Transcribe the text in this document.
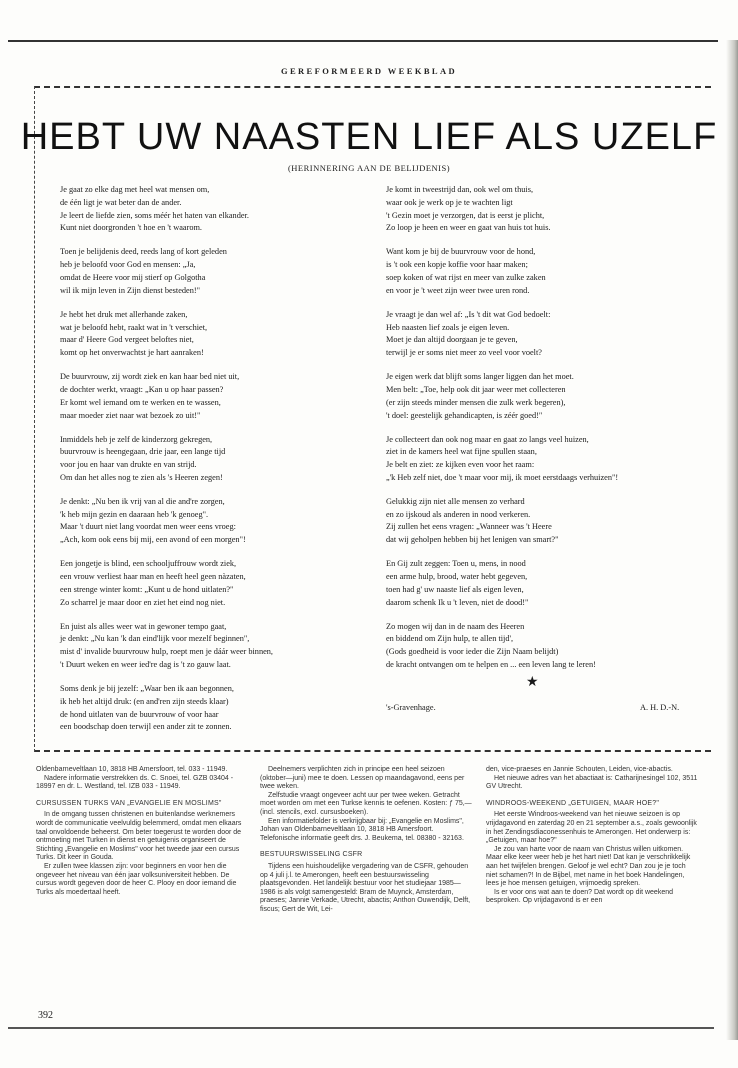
GEREFORMEERD WEEKBLAD
HEBT UW NAASTEN LIEF ALS UZELF
(HERINNERING AAN DE BELIJDENIS)
Je gaat zo elke dag met heel wat mensen om,
de één ligt je wat beter dan de ander.
Je leert de liefde zien, soms méér het haten van elkander.
Kunt niet doorgronden 't hoe en 't waarom.
Toen je belijdenis deed, reeds lang of kort geleden
heb je beloofd voor God en mensen: „Ja,
omdat de Heere voor mij stierf op Golgotha
wil ik mijn leven in Zijn dienst besteden!"
Je hebt het druk met allerhande zaken,
wat je beloofd hebt, raakt wat in 't verschiet,
maar d' Heere God vergeet beloftes niet,
komt op het onverwachtst je hart aanraken!
De buurvrouw, zij wordt ziek en kan haar bed niet uit,
de dochter werkt, vraagt: „Kan u op haar passen?
Er komt wel iemand om te werken en te wassen,
maar moeder ziet naar wat bezoek zo uit!"
Inmiddels heb je zelf de kinderzorg gekregen,
buurvrouw is heengegaan, drie jaar, een lange tijd
voor jou en haar van drukte en van strijd.
Om dan het alles nog te zien als 's Heeren zegen!
Je denkt: „Nu ben ik vrij van al die and're zorgen,
'k heb mijn gezin en daaraan heb 'k genoeg".
Maar 't duurt niet lang voordat men weer eens vroeg:
„Ach, kom ook eens bij mij, een avond of een morgen"!
Een jongetje is blind, een schooljuffrouw wordt ziek,
een vrouw verliest haar man en heeft heel geen nàzaten,
een strenge winter komt: „Kunt u de hond uitlaten?"
Zo scharrel je maar door en ziet het eind nog niet.
En juist als alles weer wat in gewoner tempo gaat,
je denkt: „Nu kan 'k dan eind'lijk voor mezelf beginnen",
mist d' invalide buurvrouw hulp, roept men je dáár weer binnen,
't Duurt weken en weer ied're dag is 't zo gauw laat.
Soms denk je bij jezelf: „Waar ben ik aan begonnen,
ik heb het altijd druk: (en and'ren zijn steeds klaar)
de hond uitlaten van de buurvrouw of voor haar
een boodschap doen terwijl een ander zit te zonnen.
Je komt in tweestrijd dan, ook wel om thuis,
waar ook je werk op je te wachten ligt
't Gezin moet je verzorgen, dat is eerst je plicht,
Zo loop je heen en weer en gaat van huis tot huis.
Want kom je bij de buurvrouw voor de hond,
is 't ook een kopje koffie voor haar maken;
soep koken of wat rijst en meer van zulke zaken
en voor je 't weet zijn weer twee uren rond.
Je vraagt je dan wel af: „Is 't dit wat God bedoelt:
Heb naasten lief zoals je eigen leven.
Moet je dan altijd doorgaan je te geven,
terwijl je er soms niet meer zo veel voor voelt?
Je eigen werk dat blijft soms langer liggen dan het moet.
Men belt: „Toe, help ook dit jaar weer met collecteren
(er zijn steeds minder mensen die zulk werk begeren),
't doel: geestelijk gehandicapten, is zéér goed!"
Je collecteert dan ook nog maar en gaat zo langs veel huizen,
ziet in de kamers heel wat fijne spullen staan,
Je belt en ziet: ze kijken even voor het raam:
„'k Heb zelf niet, doe 't maar voor mij, ik moet eerstdaags verhuizen"!
Gelukkig zijn niet alle mensen zo verhard
en zo ijskoud als anderen in nood verkeren.
Zij zullen het eens vragen: „Wanneer was 't Heere
dat wij geholpen hebben bij het lenigen van smart?"
En Gij zult zeggen: Toen u, mens, in nood
een arme hulp, brood, water hebt gegeven,
toen had g' uw naaste lief als eigen leven,
daarom schenk Ik u 't leven, niet de dood!"
Zo mogen wij dan in de naam des Heeren
en biddend om Zijn hulp, te allen tijd',
(Gods goedheid is voor ieder die Zijn Naam belijdt)
de kracht ontvangen om te helpen en ... een leven lang te leren!
★
's-Gravenhage.	A. H. D.-N.

Oldenbarneveltlaan 10, 3818 HB Amersfoort, tel. 033 - 11949.

Nadere informatie verstrekken ds. C. Snoei, tel. GZB 03404 - 18997 en dr. L. Westland, tel. IZB 033 - 11949.

CURSUSSEN TURKS VAN „EVANGELIE EN MOSLIMS"

In de omgang tussen christenen en buitenlandse werknemers wordt de communicatie veelvuldig belemmerd, omdat men elkaars taal onvoldoende beheerst. Om beter toegerust te worden door de ontmoeting met Turken in dienst en getuigenis organiseert de Stichting „Evangelie en Moslims" voor het tweede jaar een cursus Turks. Dit keer in Gouda.

Er zullen twee klassen zijn: voor beginners en voor hen die ongeveer het niveau van één jaar volksuniversiteit hebben. De cursus wordt gegeven door de heer C. Plooy en door iemand die Turks als moedertaal heeft.

Deelnemers verplichten zich in principe een heel seizoen (oktober—juni) mee te doen. Lessen op maandagavond, eens per twee weken.

Zelfstudie vraagt ongeveer acht uur per twee weken. Getracht moet worden om met een Turkse kennis te oefenen. Kosten: ƒ 75,— (incl. stencils, excl. cursusboeken).

Een informatiefolder is verkrijgbaar bij: „Evangelie en Moslims", Johan van Oldenbarneveltlaan 10, 3818 HB Amersfoort. Telefonische informatie geeft drs. J. Beukema, tel. 08380 - 32163.

BESTUURSWISSELING CSFR

Tijdens een huishoudelijke vergadering van de CSFR, gehouden op 4 juli j.l. te Amerongen, heeft een bestuurswisseling plaatsgevonden. Het landelijk bestuur voor het studiejaar 1985—1986 is als volgt samengesteld: Bram de Muynck, Amsterdam, praeses; Jannie Verkade, Utrecht, abactis; Anthon Ouwendijk, Delft, fiscus; Gert de Wit, Lei-

den, vice-praeses en Jannie Schouten, Leiden, vice-abactis.

Het nieuwe adres van het abactiaat is: Catharijnesingel 102, 3511 GV Utrecht.

WINDROOS-WEEKEND „GETUIGEN, MAAR HOE?"

Het eerste Windroos-weekend van het nieuwe seizoen is op vrijdagavond en zaterdag 20 en 21 september a.s., zoals gewoonlijk in het Zendingsdiaconessenhuis te Amerongen. Het onderwerp is: „Getuigen, maar hoe?"

Je zou van harte voor de naam van Christus willen uitkomen. Maar elke keer weer heb je het hart niet! Dat kan je verschrikkelijk aan het twijfelen brengen. Geloof je wel echt? Dan zou je je toch niet schamen?! In de Bijbel, met name in het boek Handelingen, lees je hoe mensen getuigen, vrijmoedig spreken.

Is er voor ons wat aan te doen? Dat wordt op dit weekend besproken. Op vrijdagavond is er een

392
